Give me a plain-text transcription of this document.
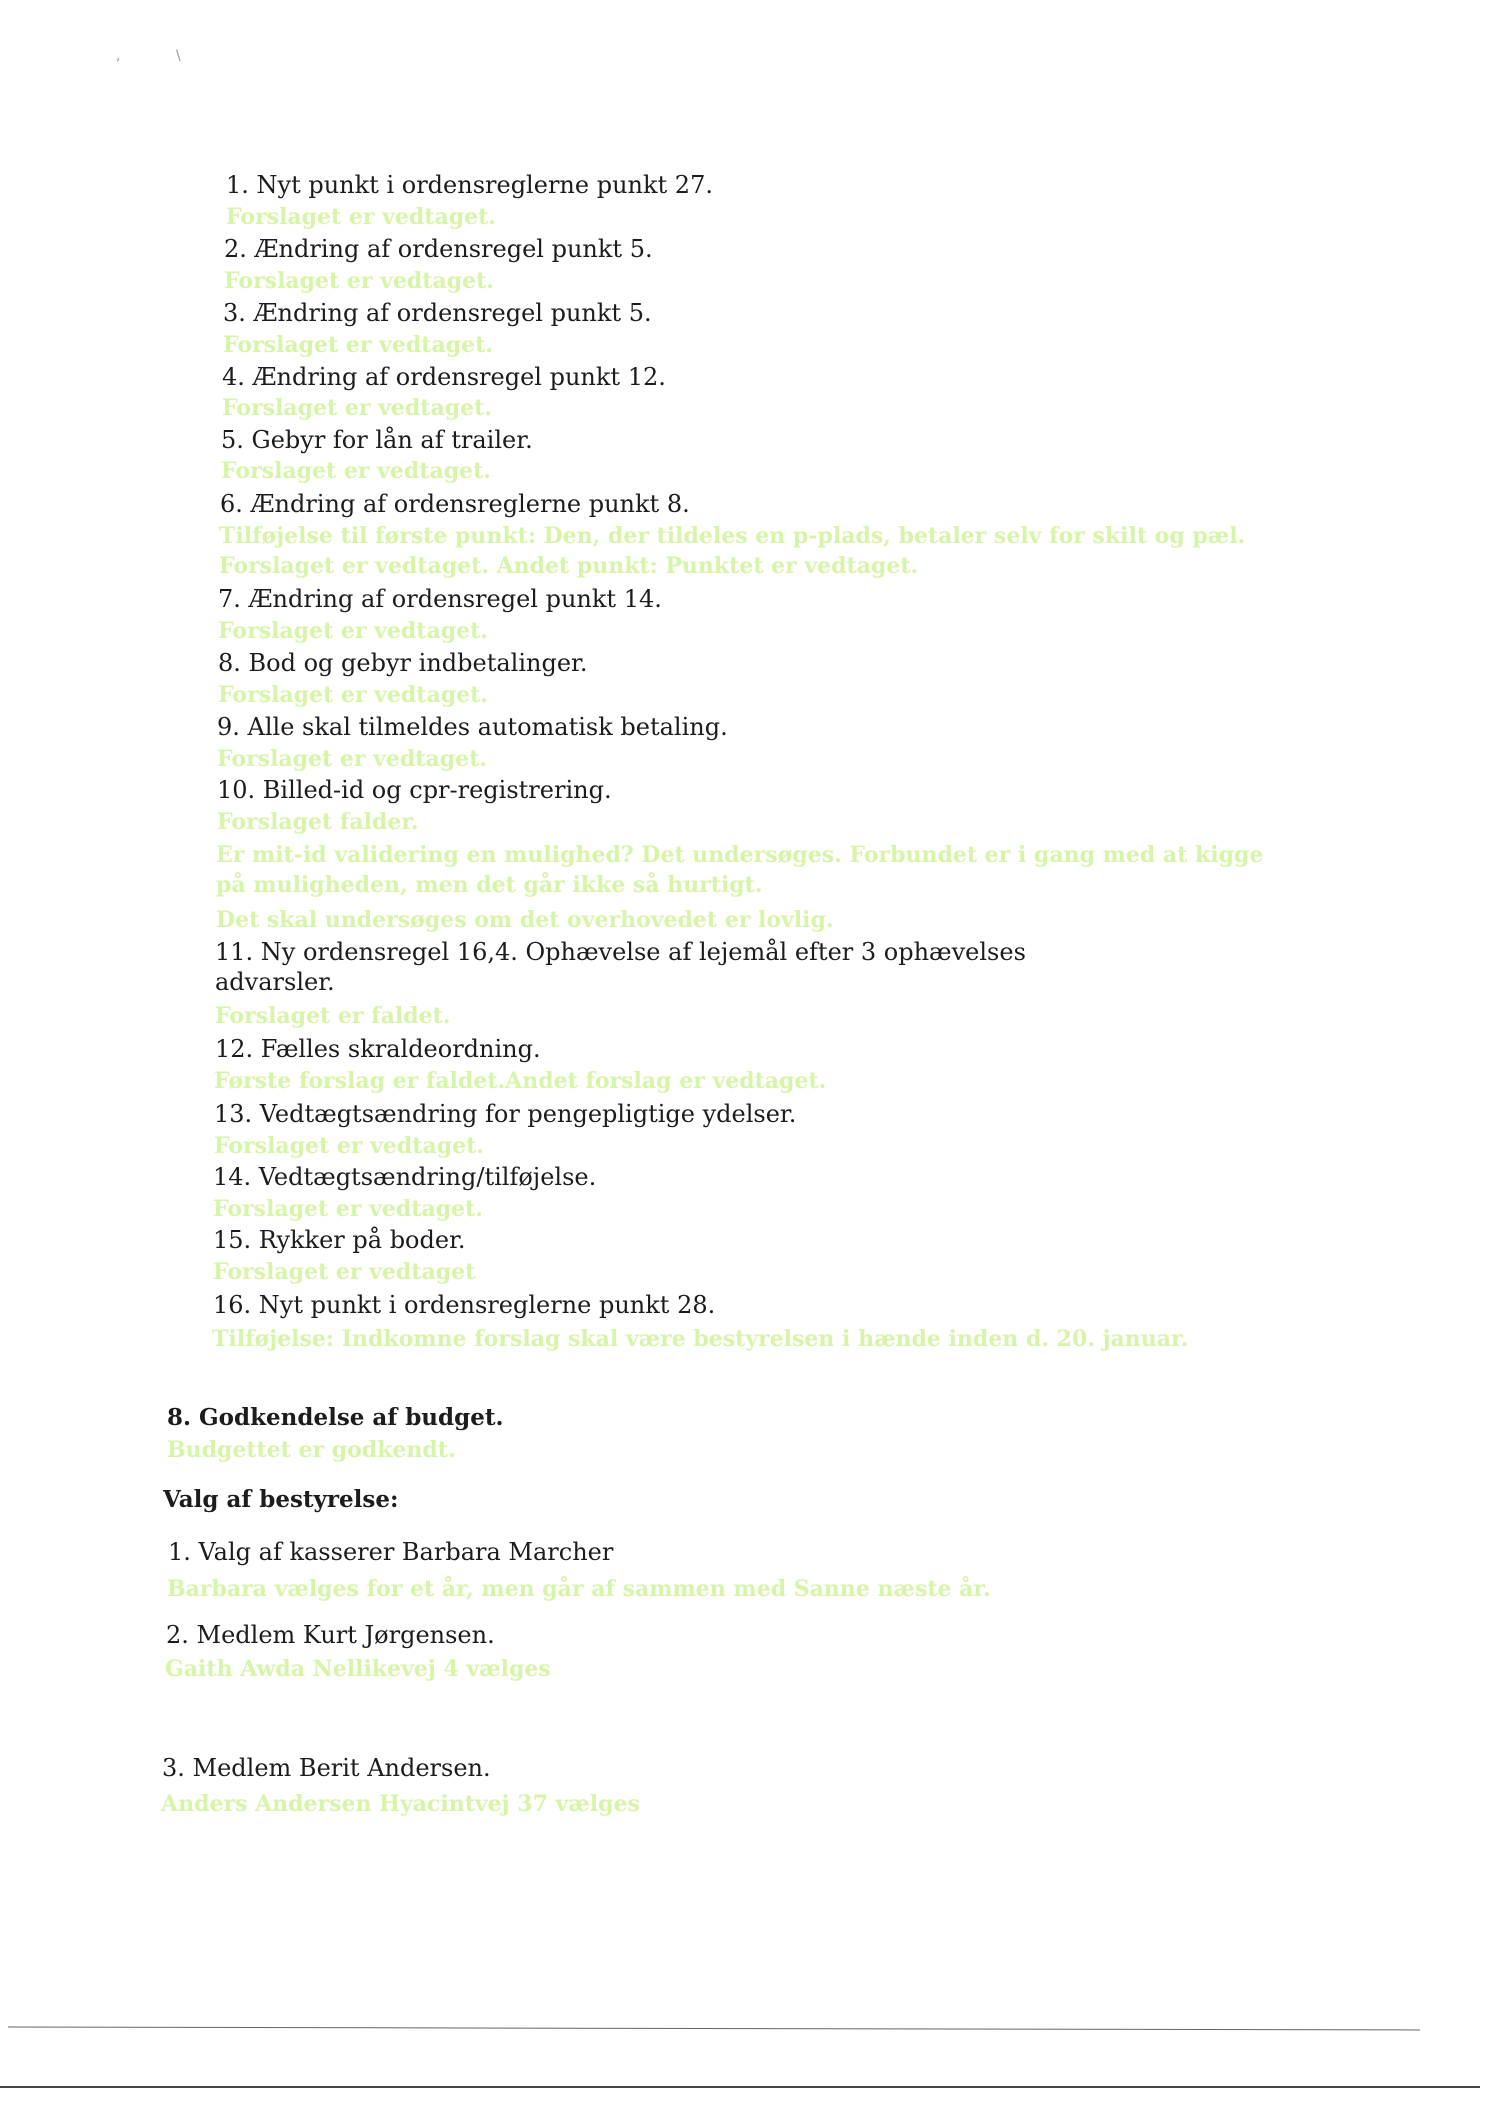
,	\
1. Nyt punkt i ordensreglerne punkt 27.
Forslaget er vedtaget.
2. Ændring af ordensregel punkt 5.
Forslaget er vedtaget.
3. Ændring af ordensregel punkt 5.
Forslaget er vedtaget.
4. Ændring af ordensregel punkt 12.
Forslaget er vedtaget.
5. Gebyr for lån af trailer.
Forslaget er vedtaget.
6. Ændring af ordensreglerne punkt 8.
Tilføjelse til første punkt: Den, der tildeles en p-plads, betaler selv for skilt og pæl. Forslaget er vedtaget. Andet punkt: Punktet er vedtaget.
7. Ændring af ordensregel punkt 14.
Forslaget er vedtaget.
8. Bod og gebyr indbetalinger.
Forslaget er vedtaget.
9. Alle skal tilmeldes automatisk betaling.
Forslaget er vedtaget.
10. Billed-id og cpr-registrering.
Forslaget falder.
Er mit-id validering en mulighed? Det undersøges. Forbundet er i gang med at kigge på muligheden, men det går ikke så hurtigt.
Det skal undersøges om det overhovedet er lovlig.
11. Ny ordensregel 16,4. Ophævelse af lejemål efter 3 ophævelses advarsler.
Forslaget er faldet.
12. Fælles skraldeordning.
Første forslag er faldet.Andet forslag er vedtaget.
13. Vedtægtsændring for pengepligtige ydelser.
Forslaget er vedtaget.
14. Vedtægtsændring/tilføjelse.
Forslaget er vedtaget.
15. Rykker på boder.
Forslaget er vedtaget
16. Nyt punkt i ordensreglerne punkt 28.
Tilføjelse: Indkomne forslag skal være bestyrelsen i hænde inden d. 20. januar.
8. Godkendelse af budget.
Budgettet er godkendt.
Valg af bestyrelse:
1. Valg af kasserer Barbara Marcher
Barbara vælges for et år, men går af sammen med Sanne næste år.
2. Medlem Kurt Jørgensen.
Gaith Awda Nellikevej 4 vælges
3. Medlem Berit Andersen.
Anders Andersen Hyacintvej 37 vælges
